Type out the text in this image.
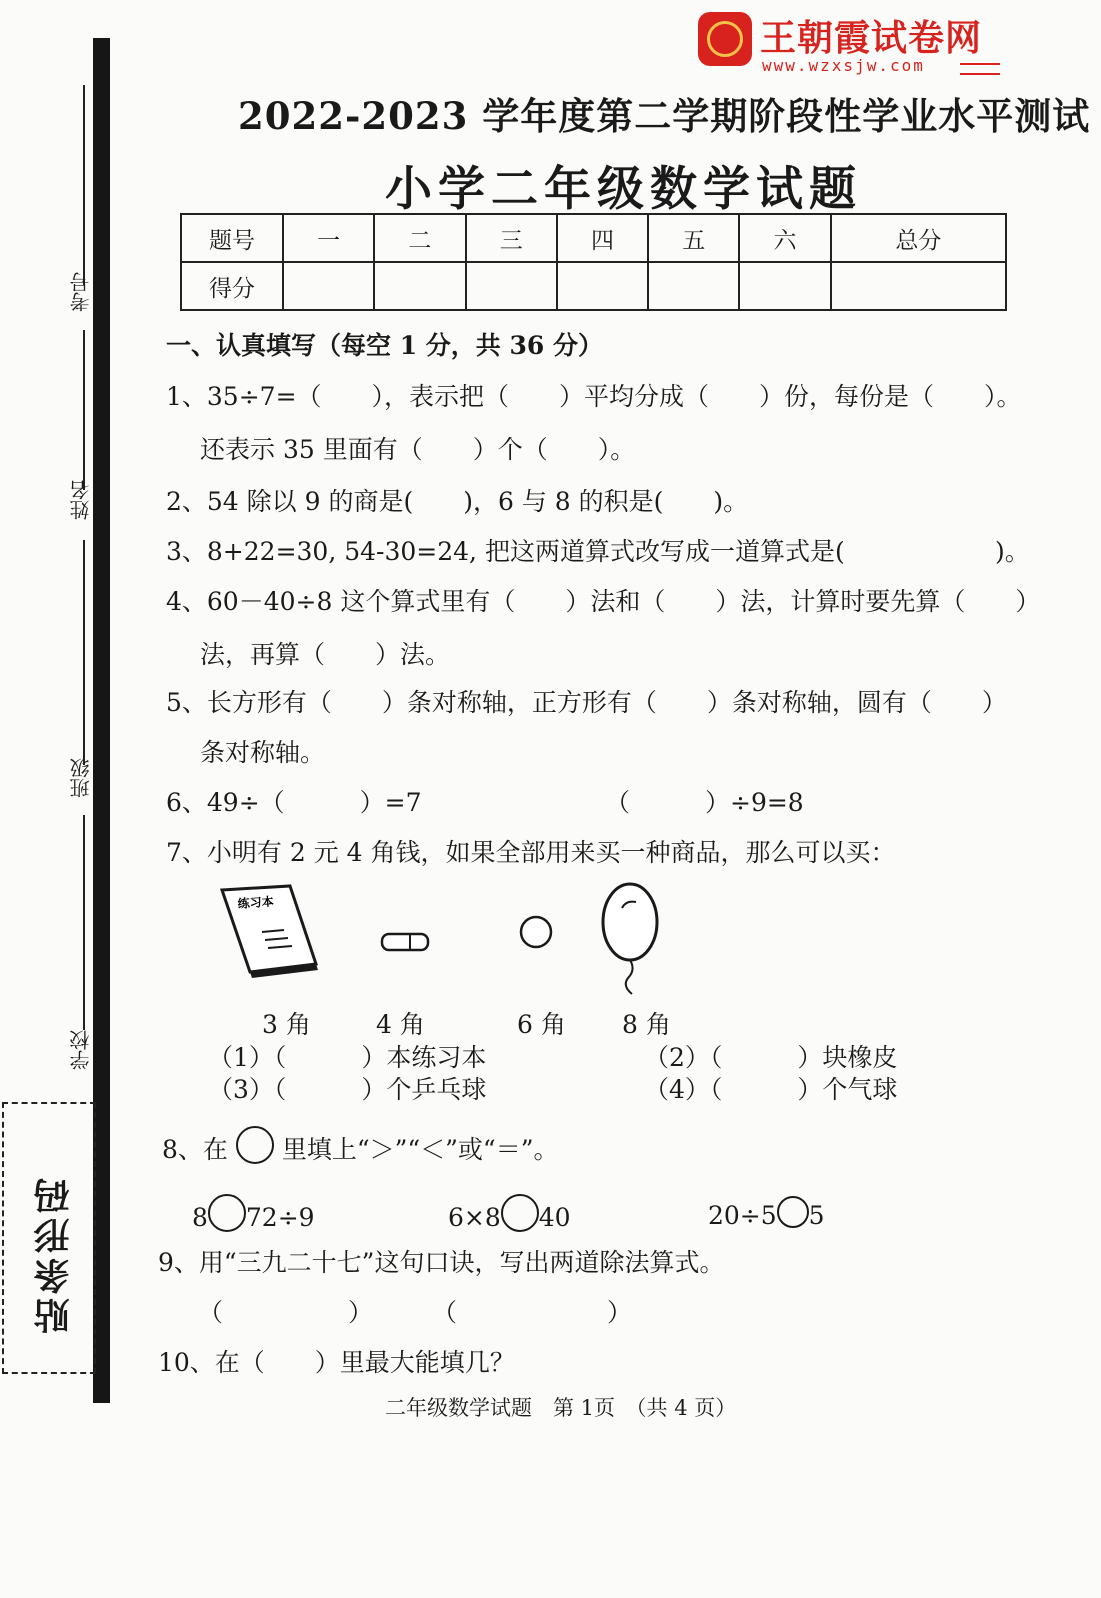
王朝霞试卷网
www.wzxsjw.com
考号
姓名
班级
学校
贴条形码
2022-2023 学年度第二学期阶段性学业水平测试
小学二年级数学试题
题号	一	二	三	四	五	六	总分
得分							
一、认真填写（每空 1 分，共 36 分）
1、35÷7=（　　），表示把（　　）平均分成（　　）份，每份是（　　）。
还表示 35 里面有（　　）个（　　）。
2、54 除以 9 的商是(　　)，6 与 8 的积是(　　)。
3、8+22=30, 54-30=24, 把这两道算式改写成一道算式是(	)。
4、60－40÷8 这个算式里有（　　）法和（　　）法，计算时要先算（　　）
法，再算（　　）法。
5、长方形有（　　）条对称轴，正方形有（　　）条对称轴，圆有（　　）
条对称轴。
6、49÷（　　　）=7	（　　　）÷9=8
7、小明有 2 元 4 角钱，如果全部用来买一种商品，那么可以买：
练习本
3 角	4 角	6 角 8 角
（1）（　　　）本练习本	（2）（　　　）块橡皮
（3）（　　　）个乒乓球	（4）（　　　）个气球
8、在 里填上“＞”“＜”或“＝”。
8 72÷9	6×8 40	20÷5 5
9、用“三九二十七”这句口诀，写出两道除法算式。
（　　　　　） （　　　　　　）
10、在（　　）里最大能填几？
二年级数学试题　第 1页　（共 4 页）
